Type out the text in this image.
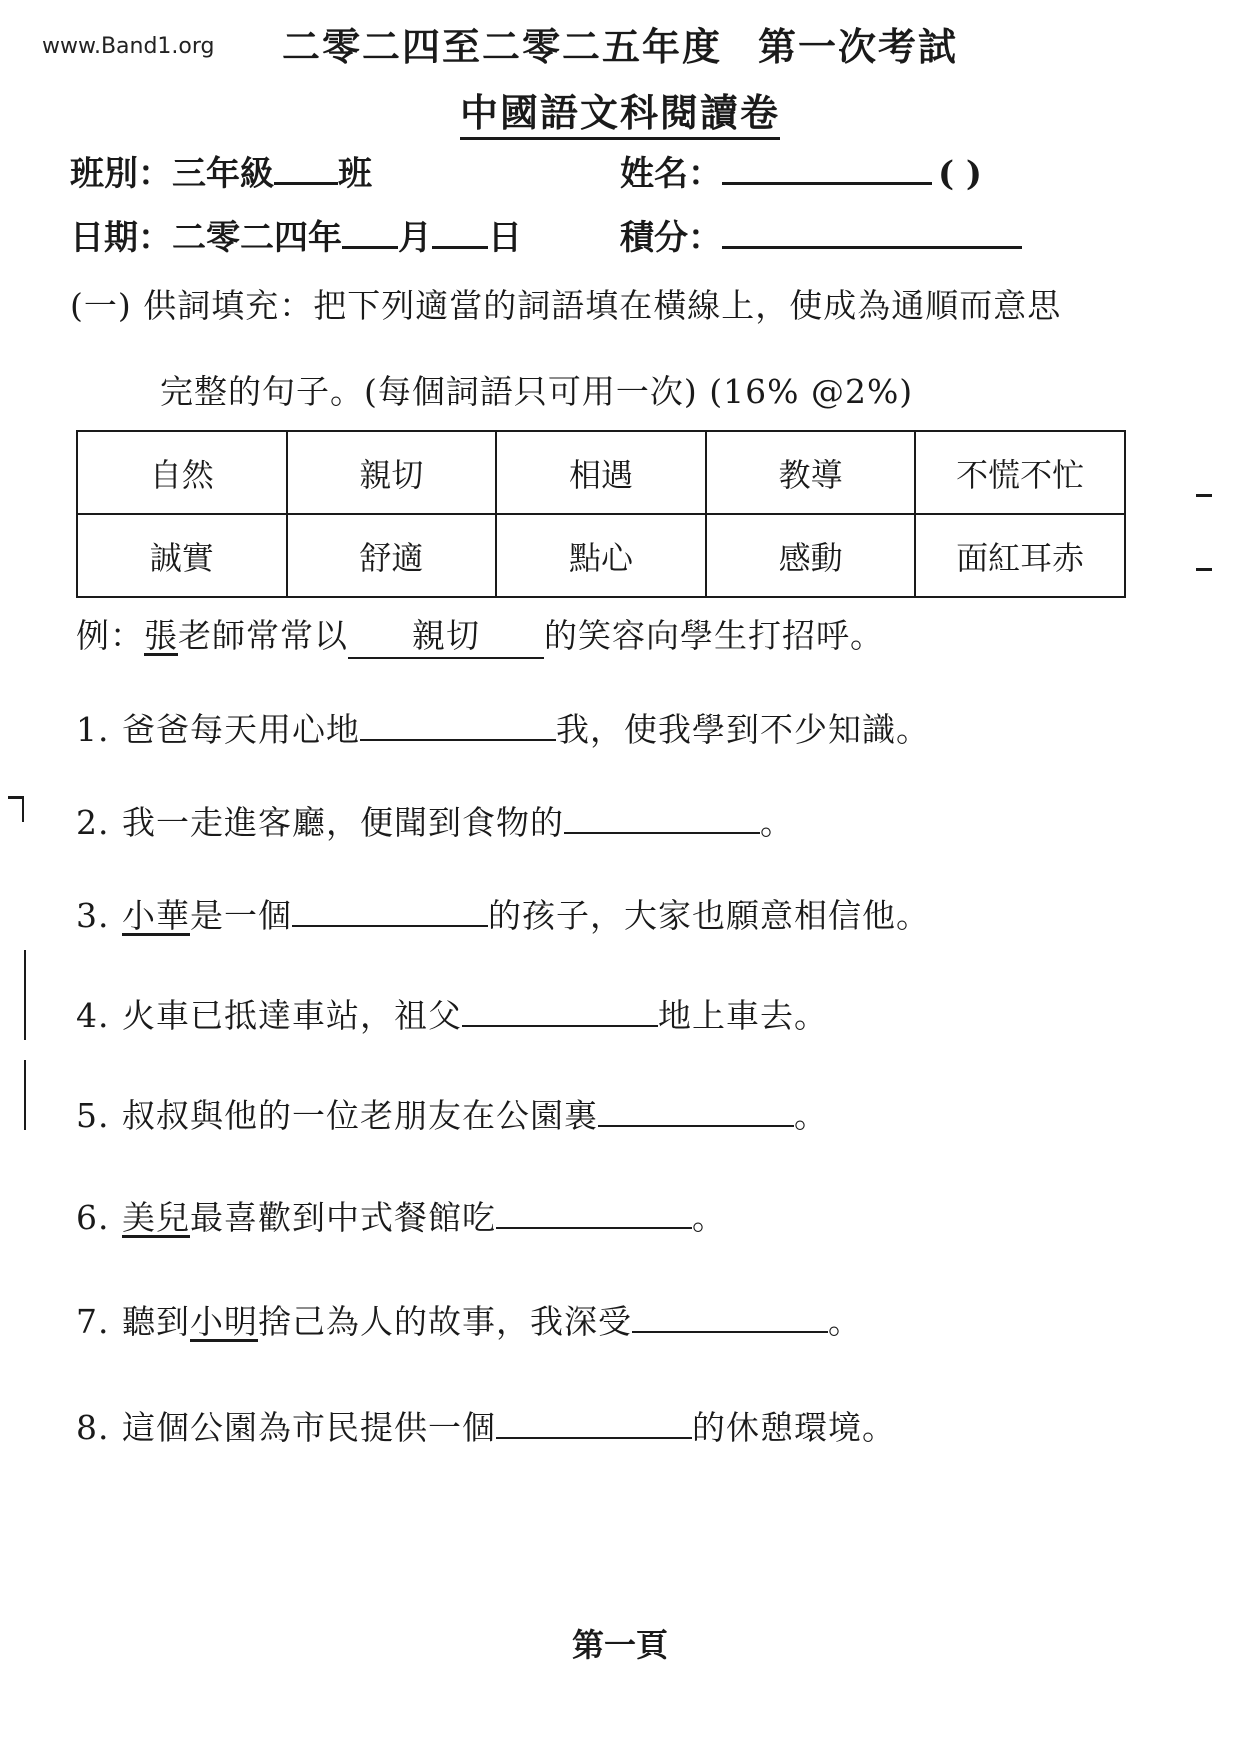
www.Band1.org	二零二四至二零二五年度 第一次考試
中國語文科閱讀卷
班別：三年級 班	姓名：	( )
日期：二零二四年 月 日	積分：
(一) 供詞填充：把下列適當的詞語填在橫線上，使成為通順而意思
完整的句子。(每個詞語只可用一次) (16% @2%)
自然	親切	相遇	教導	不慌不忙
誠實	舒適	點心	感動	面紅耳赤
例：張老師常常以 親切 的笑容向學生打招呼。
1. 爸爸每天用心地	我，使我學到不少知識。
2. 我一走進客廳，便聞到食物的	。
3. 小華是一個	的孩子，大家也願意相信他。
4. 火車已抵達車站，祖父	地上車去。
5. 叔叔與他的一位老朋友在公園裏	。
6. 美兒最喜歡到中式餐館吃	。
7. 聽到小明捨己為人的故事，我深受	。
8. 這個公園為市民提供一個	的休憩環境。
第一頁
